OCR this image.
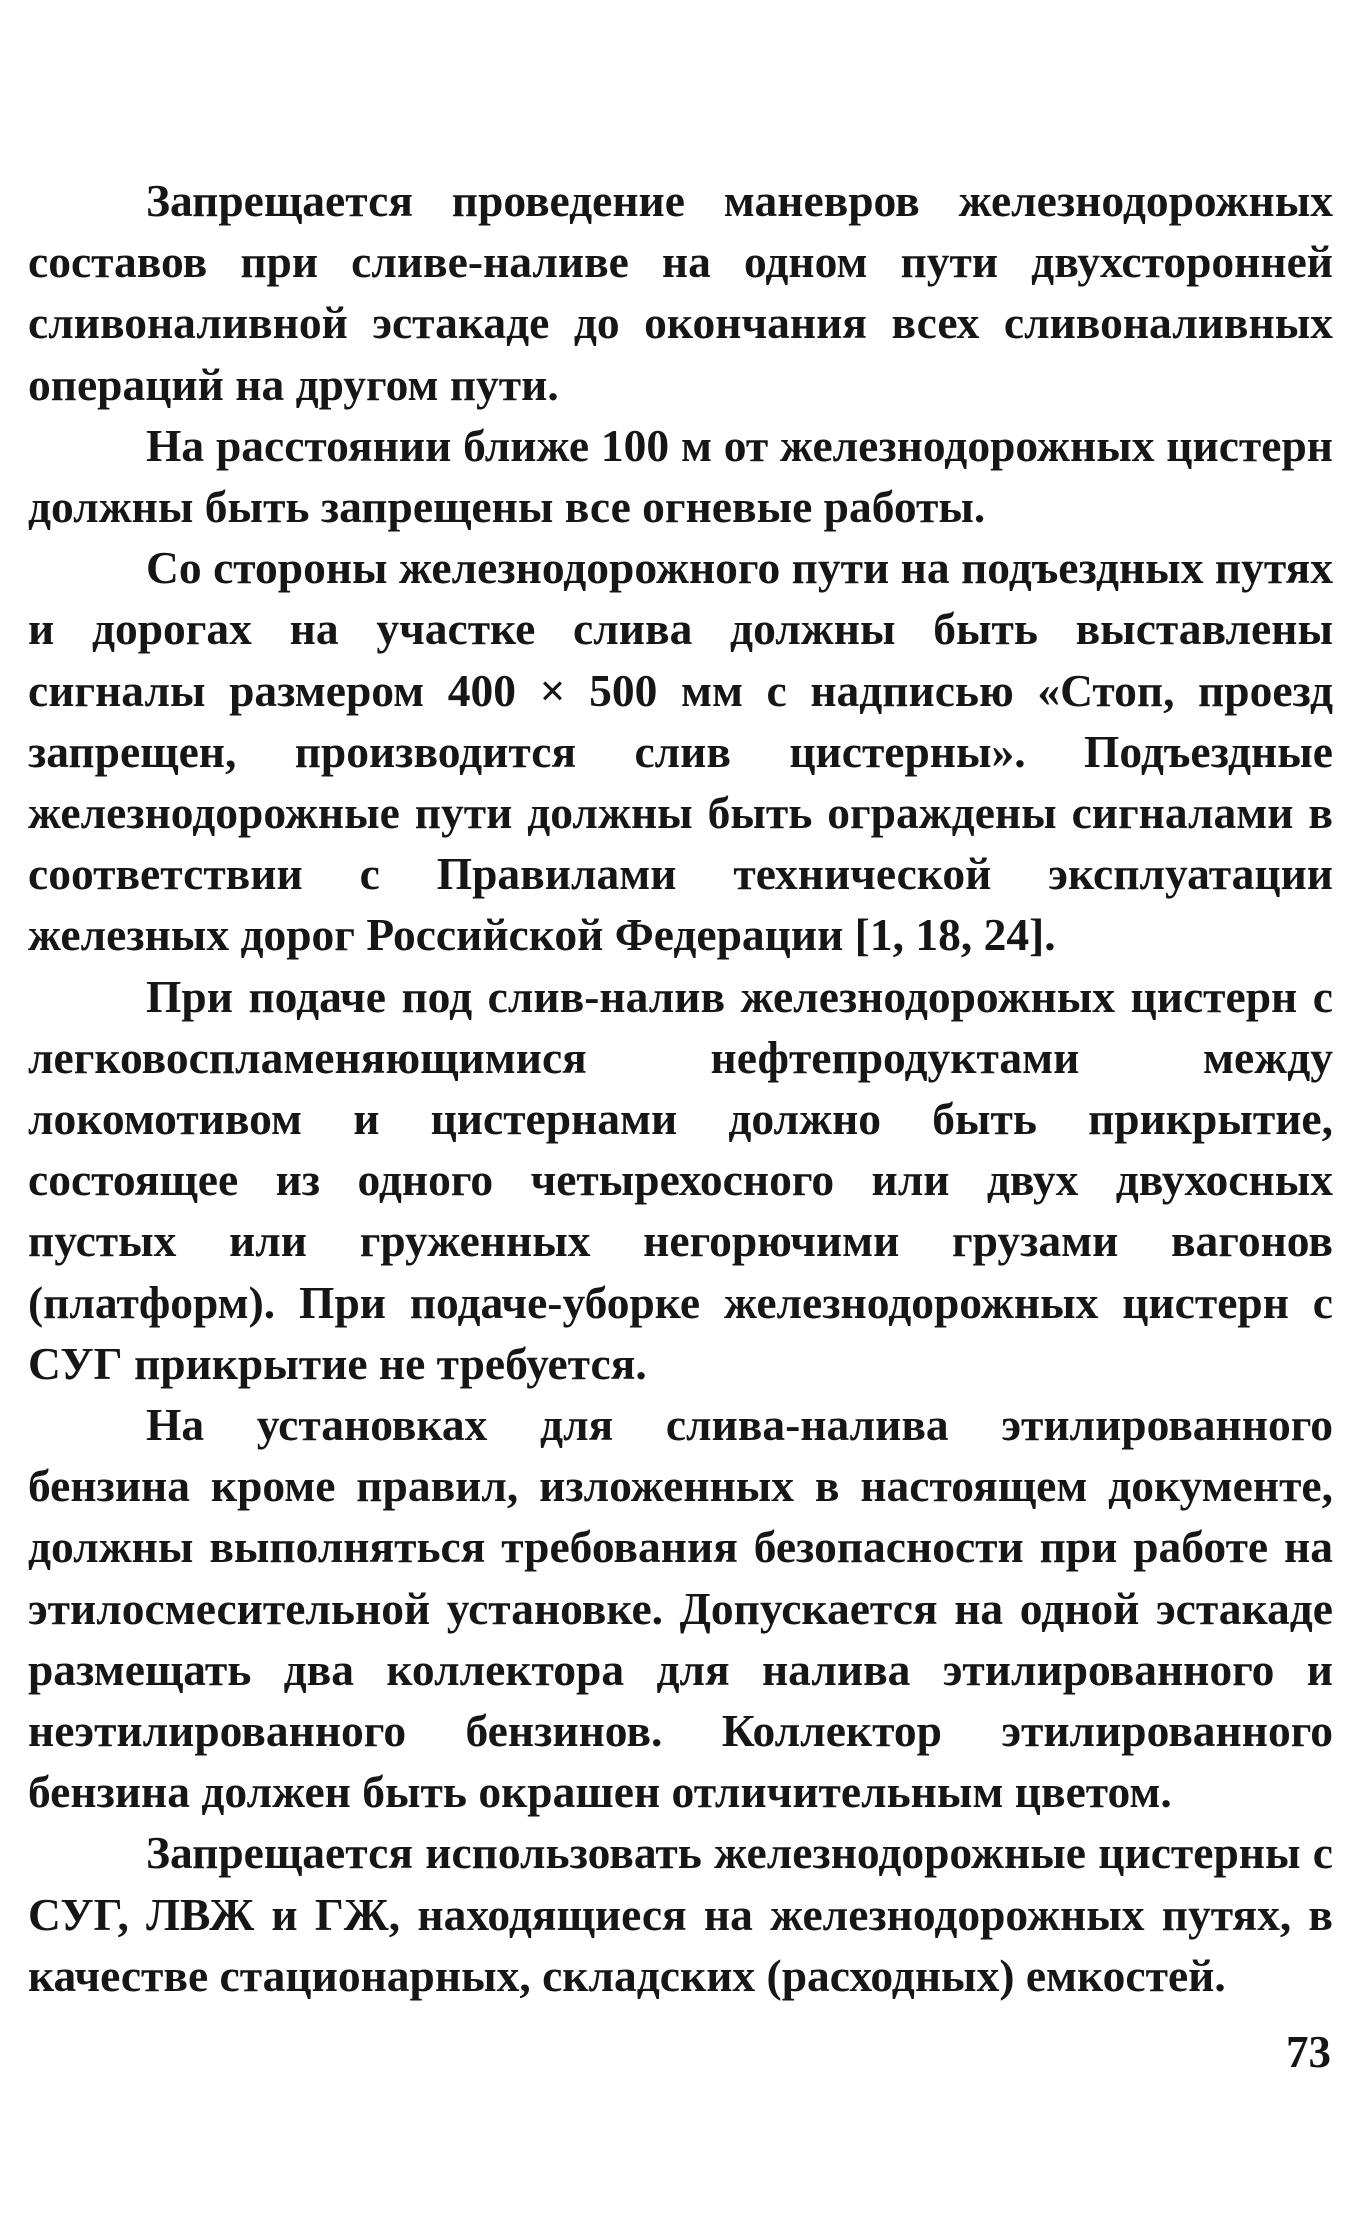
Запрещается проведение маневров железнодорожных составов при сливе-наливе на одном пути двухсторонней сливоналивной эстакаде до окончания всех сливоналивных операций на другом пути.

На расстоянии ближе 100 м от железнодорожных цистерн должны быть запрещены все огневые работы.

Со стороны железнодорожного пути на подъездных путях и дорогах на участке слива должны быть выставлены сигналы размером 400 × 500 мм с надписью «Стоп, проезд запрещен, производится слив цистерны». Подъездные железнодорожные пути должны быть ограждены сигналами в соответствии с Правилами технической эксплуатации железных дорог Российской Федерации [1, 18, 24].

При подаче под слив-налив железнодорожных цистерн с легковоспламеняющимися нефтепродуктами между локомотивом и цистернами должно быть прикрытие, состоящее из одного четырехосного или двух двухосных пустых или груженных негорючими грузами вагонов (платформ). При подаче-уборке железнодорожных цистерн с СУГ прикрытие не требуется.

На установках для слива-налива этилированного бензина кроме правил, изложенных в настоящем документе, должны выполняться требования безопасности при работе на этилосмесительной установке. Допускается на одной эстакаде размещать два коллектора для налива этилированного и неэтилированного бензинов. Коллектор этилированного бензина должен быть окрашен отличительным цветом.

Запрещается использовать железнодорожные цистерны с СУГ, ЛВЖ и ГЖ, находящиеся на железнодорожных путях, в качестве стационарных, складских (расходных) емкостей.

73
